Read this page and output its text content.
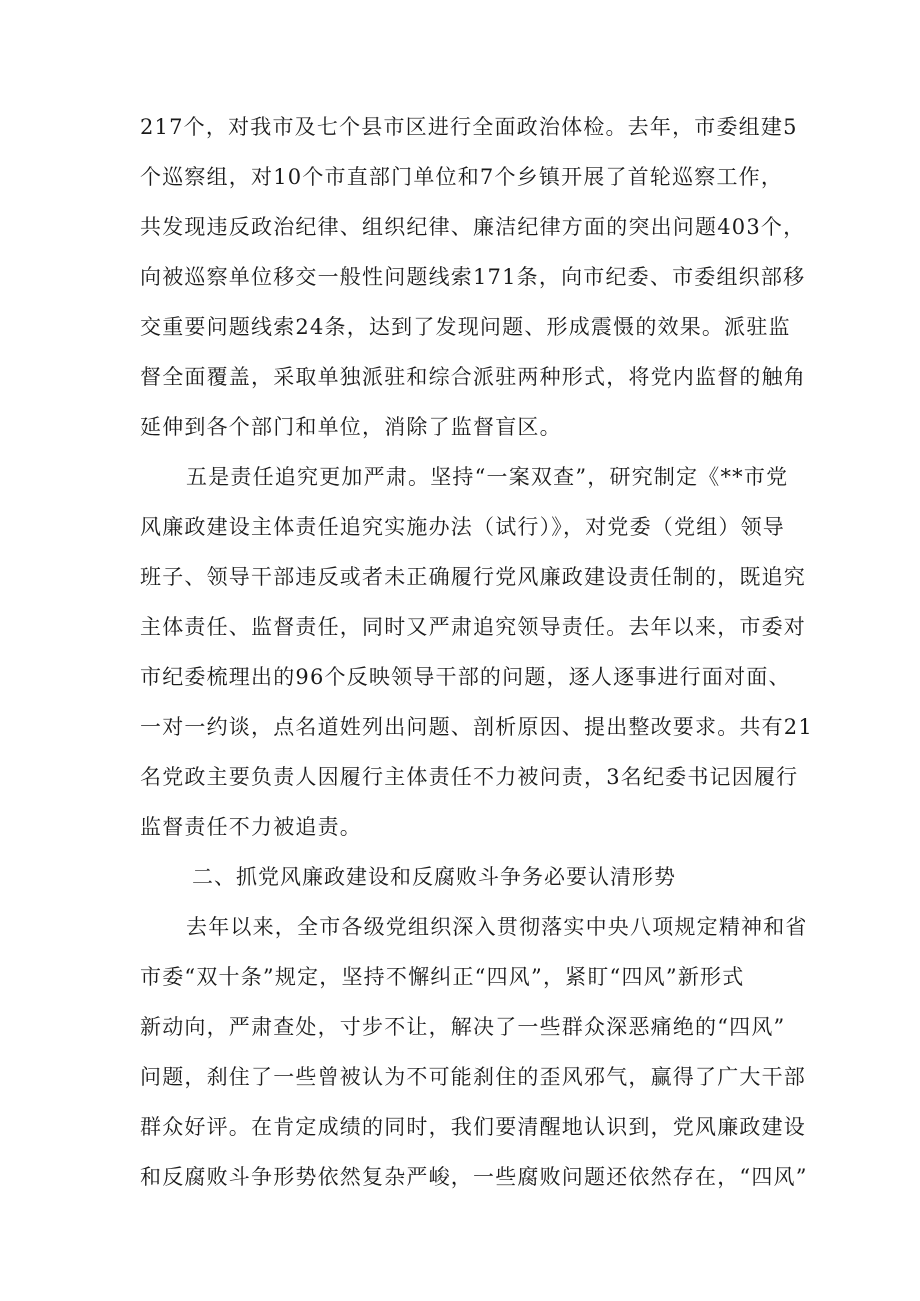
217个，对我市及七个县市区进行全面政治体检。去年，市委组建5
个巡察组，对10个市直部门单位和7个乡镇开展了首轮巡察工作，
共发现违反政治纪律、组织纪律、廉洁纪律方面的突出问题403个，
向被巡察单位移交一般性问题线索171条，向市纪委、市委组织部移
交重要问题线索24条，达到了发现问题、形成震慑的效果。派驻监
督全面覆盖，采取单独派驻和综合派驻两种形式，将党内监督的触角
延伸到各个部门和单位，消除了监督盲区。
五是责任追究更加严肃。坚持“一案双查”，研究制定《**市党
风廉政建设主体责任追究实施办法（试行）》，对党委（党组）领导
班子、领导干部违反或者未正确履行党风廉政建设责任制的，既追究
主体责任、监督责任，同时又严肃追究领导责任。去年以来，市委对
市纪委梳理出的96个反映领导干部的问题，逐人逐事进行面对面、
一对一约谈，点名道姓列出问题、剖析原因、提出整改要求。共有21
名党政主要负责人因履行主体责任不力被问责，3名纪委书记因履行
监督责任不力被追责。
二、抓党风廉政建设和反腐败斗争务必要认清形势
去年以来，全市各级党组织深入贯彻落实中央八项规定精神和省
市委“双十条”规定，坚持不懈纠正“四风”，紧盯“四风”新形式
新动向，严肃查处，寸步不让，解决了一些群众深恶痛绝的“四风”
问题，刹住了一些曾被认为不可能刹住的歪风邪气，赢得了广大干部
群众好评。在肯定成绩的同时，我们要清醒地认识到，党风廉政建设
和反腐败斗争形势依然复杂严峻，一些腐败问题还依然存在，“四风”
